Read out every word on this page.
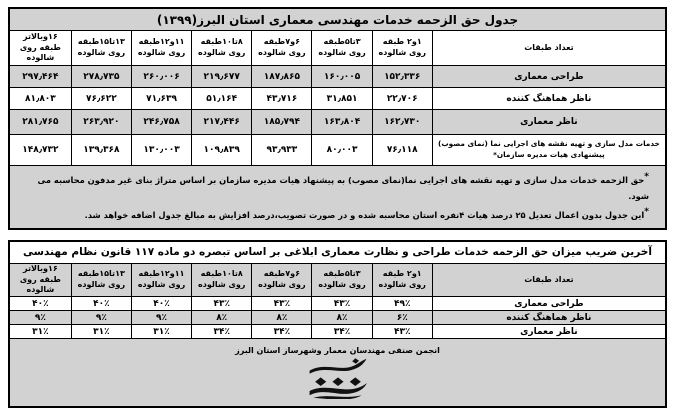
جدول حق الزحمه خدمات مهندسی معماری استان البرز(۱۳۹۹)							
تعداد طبقات	۱و۲ طبقه روی شالوده	۳تا۵طبقه روی شالوده	۶و۷طبقه روی شالوده	۸تا۱۰طبقه روی شالوده	۱۱و۱۲طبقه روی شالوده	۱۳تا۱۵طبقه روی شالوده	۱۶وبالاتر طبقه روی شالوده
طراحی معماری	۱۵۲٫۳۳۶	۱۶۰٫۰۰۵	۱۸۷٫۸۶۵	۲۱۹٫۶۷۷	۲۶۰٫۰۰۶	۲۷۸٫۷۳۵	۲۹۷٫۴۶۴
ناظر هماهنگ کننده	۲۲٫۷۰۶	۳۱٫۸۵۱	۴۳٫۷۱۶	۵۱٫۱۶۴	۷۱٫۶۳۹	۷۶٫۶۲۲	۸۱٫۸۰۳
ناظر معماری	۱۶۲٫۷۳۰	۱۶۳٫۸۰۴	۱۸۵٫۷۹۴	۲۱۷٫۴۴۶	۲۴۶٫۷۵۸	۲۶۳٫۹۲۰	۲۸۱٫۷۶۵
خدمات مدل سازی و تهیه نقشه های اجرایی نما (نمای مصوب) پیشنهادی هیات مدیره سازمان*	۷۶٫۱۱۸	۸۰٫۰۰۳	۹۳٫۹۳۳	۱۰۹٫۸۳۹	۱۳۰٫۰۰۳	۱۳۹٫۳۶۸	۱۴۸٫۷۳۲

*حق الزحمه خدمات مدل سازی و تهیه نقشه های اجرایی نما(نمای مصوب) به پیشنهاد هیات مدیره سازمان بر اساس متراژ بنای غیر مدفون محاسبه می شود.
*این جدول بدون اعمال تعدیل ۲۵ درصد هیات ۴نفره استان محاسبه شده و در صورت تصویب،درصد افزایش به مبالغ جدول اضافه خواهد شد.							
آخرین ضریب میزان حق الزحمه خدمات طراحی و نظارت معماری ابلاغی بر اساس تبصره دو ماده ۱۱۷ قانون نظام مهندسی							
تعداد طبقات	۱و۲ طبقه روی شالوده	۳تا۵طبقه روی شالوده	۶و۷طبقه روی شالوده	۸تا۱۰طبقه روی شالوده	۱۱و۱۲طبقه روی شالوده	۱۳تا۱۵طبقه روی شالوده	۱۶وبالاتر طبقه روی شالوده
طراحی معماری	۴۹٪	۴۳٪	۴۳٪	۴۳٪	۴۰٪	۴۰٪	۴۰٪
ناظر هماهنگ کننده	۶٪	۸٪	۸٪	۸٪	۹٪	۹٪	۹٪
ناظر معماری	۴۳٪	۳۴٪	۳۴٪	۳۴٪	۳۱٪	۳۱٪	۳۱٪

انجمن صنفی مهندسان معمار وشهرساز استان البرز							
